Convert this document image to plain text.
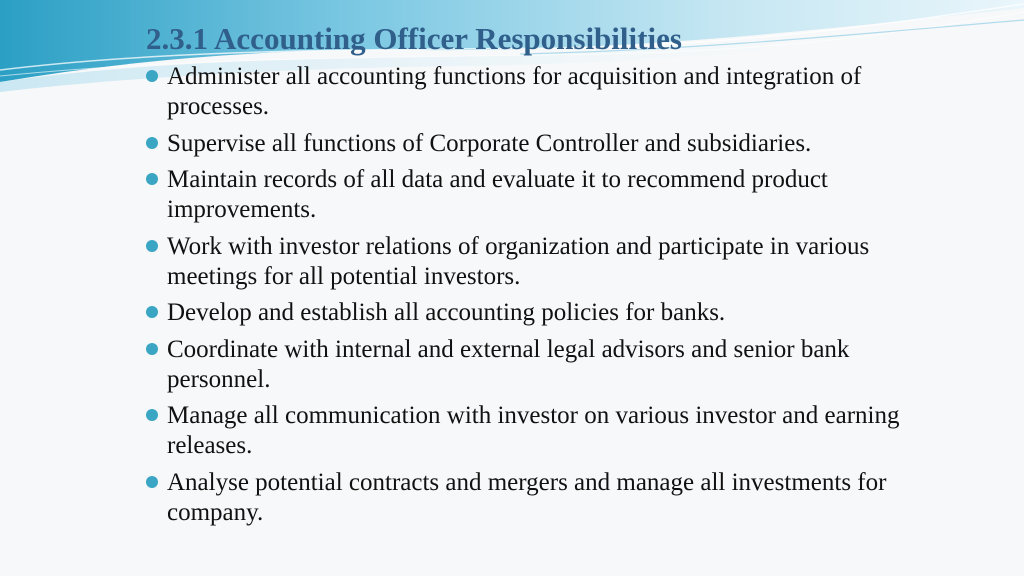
2.3.1 Accounting Officer Responsibilities
Administer all accounting functions for acquisition and integration of processes.
Supervise all functions of Corporate Controller and subsidiaries.
Maintain records of all data and evaluate it to recommend product improvements.
Work with investor relations of organization and participate in various meetings for all potential investors.
Develop and establish all accounting policies for banks.
Coordinate with internal and external legal advisors and senior bank personnel.
Manage all communication with investor on various investor and earning releases.
Analyse potential contracts and mergers and manage all investments for company.
